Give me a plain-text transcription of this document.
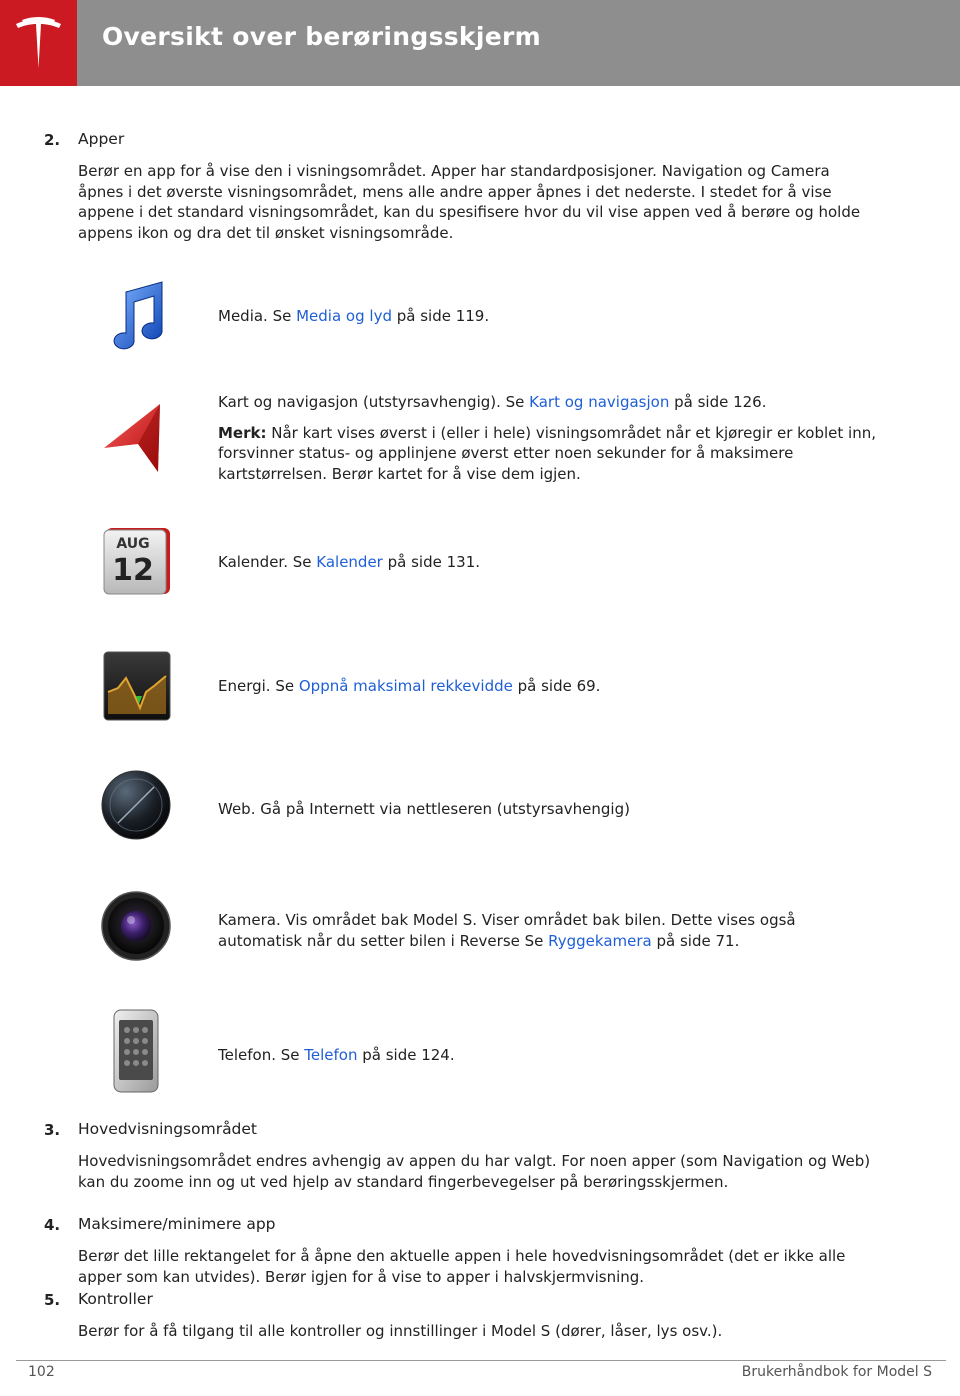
Oversikt over berøringsskjerm
2. Apper

Berør en app for å vise den i visningsområdet. Apper har standardposisjoner. Navigation og Camera åpnes i det øverste visningsområdet, mens alle andre apper åpnes i det nederste. I stedet for å vise appene i det standard visningsområdet, kan du spesifisere hvor du vil vise appen ved å berøre og holde appens ikon og dra det til ønsket visningsområde.

Media. Se Media og lyd på side 119.

Kart og navigasjon (utstyrsavhengig). Se Kart og navigasjon på side 126.

Merk: Når kart vises øverst i (eller i hele) visningsområdet når et kjøregir er koblet inn, forsvinner status- og applinjene øverst etter noen sekunder for å maksimere kartstørrelsen. Berør kartet for å vise dem igjen.

AUG
12	Kalender. Se Kalender på side 131.

Energi. Se Oppnå maksimal rekkevidde på side 69.

Web. Gå på Internett via nettleseren (utstyrsavhengig)

Kamera. Vis området bak Model S. Viser området bak bilen. Dette vises også automatisk når du setter bilen i Reverse Se Ryggekamera på side 71.

Telefon. Se Telefon på side 124.

3. Hovedvisningsområdet

Hovedvisningsområdet endres avhengig av appen du har valgt. For noen apper (som Navigation og Web) kan du zoome inn og ut ved hjelp av standard fingerbevegelser på berøringsskjermen.

4. Maksimere/minimere app

Berør det lille rektangelet for å åpne den aktuelle appen i hele hovedvisningsområdet (det er ikke alle apper som kan utvides). Berør igjen for å vise to apper i halvskjermvisning.

5. Kontroller

Berør for å få tilgang til alle kontroller og innstillinger i Model S (dører, låser, lys osv.).

102	Brukerhåndbok for Model S
